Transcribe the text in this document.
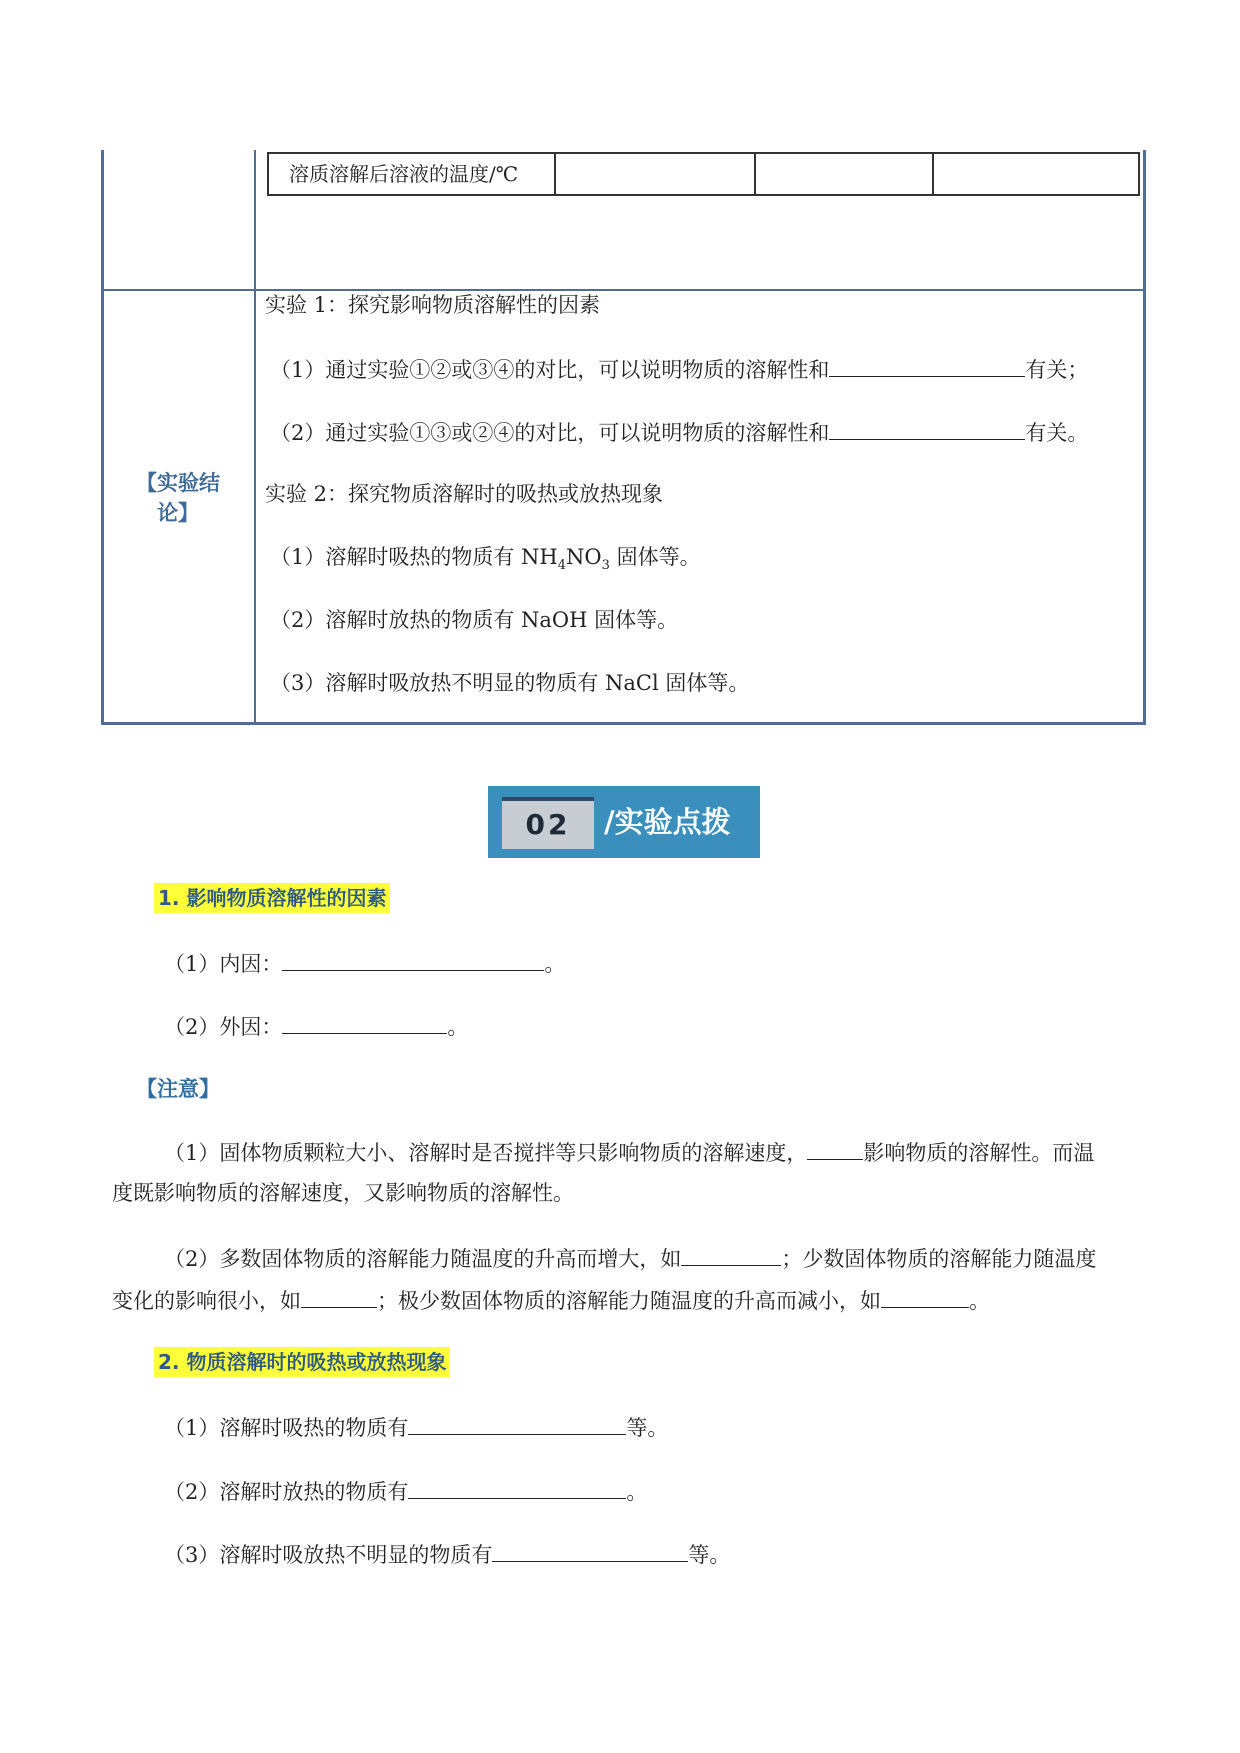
溶质溶解后溶液的温度/℃
【实验结论】
实验 1：探究影响物质溶解性的因素
（1）通过实验①②或③④的对比，可以说明物质的溶解性和	有关；
（2）通过实验①③或②④的对比，可以说明物质的溶解性和	有关。
实验 2：探究物质溶解时的吸热或放热现象
（1）溶解时吸热的物质有 $NH_4NO_3$ 固体等。
（2）溶解时放热的物质有 NaOH 固体等。
（3）溶解时吸放热不明显的物质有 NaCl 固体等。
02	/实验点拨
1. 影响物质溶解性的因素
（1）内因：	。
（2）外因：	。
【注意】
（1）固体物质颗粒大小、溶解时是否搅拌等只影响物质的溶解速度，	影响物质的溶解性。而温
度既影响物质的溶解速度，又影响物质的溶解性。
（2）多数固体物质的溶解能力随温度的升高而增大，如	；少数固体物质的溶解能力随温度
变化的影响很小，如	；极少数固体物质的溶解能力随温度的升高而减小，如	。
2. 物质溶解时的吸热或放热现象
（1）溶解时吸热的物质有	等。
（2）溶解时放热的物质有	。
（3）溶解时吸放热不明显的物质有	等。
